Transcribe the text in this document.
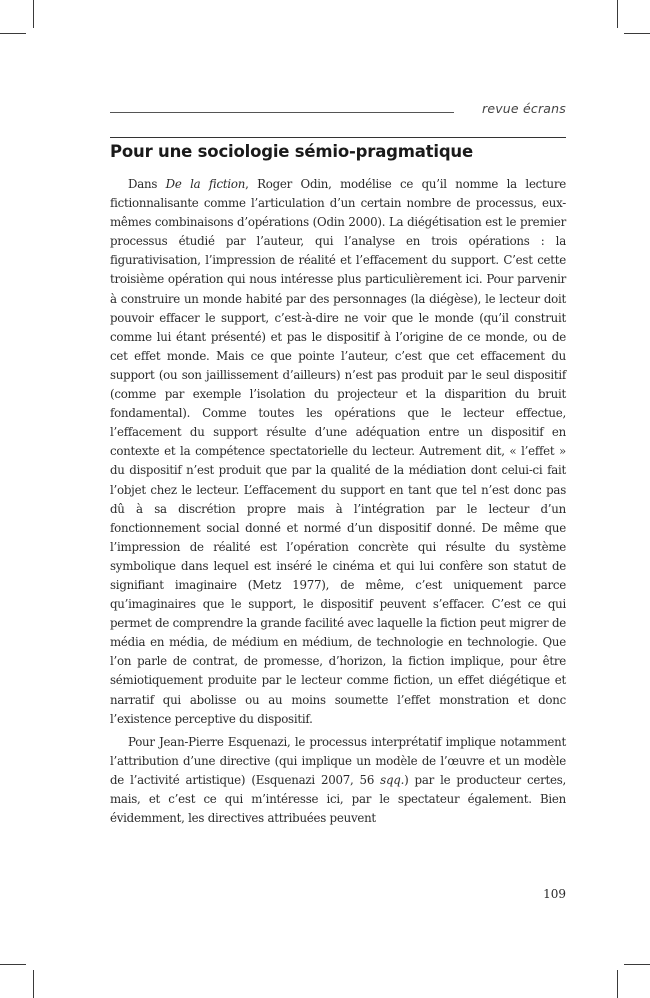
revue écrans
Pour une sociologie sémio-pragmatique

Dans De la fiction, Roger Odin, modélise ce qu’il nomme la lecture fictionnalisante comme l’articulation d’un certain nombre de processus, eux-mêmes combinaisons d’opérations (Odin 2000). La diégétisation est le premier processus étudié par l’auteur, qui l’analyse en trois opérations : la figurativisation, l’impression de réalité et l’effacement du support. C’est cette troisième opération qui nous intéresse plus particulièrement ici. Pour parvenir à construire un monde habité par des personnages (la diégèse), le lecteur doit pouvoir effacer le support, c’est-à-dire ne voir que le monde (qu’il construit comme lui étant présenté) et pas le dispositif à l’origine de ce monde, ou de cet effet monde. Mais ce que pointe l’auteur, c’est que cet effacement du support (ou son jaillissement d’ailleurs) n’est pas produit par le seul dispositif (comme par exemple l’isolation du projecteur et la disparition du bruit fondamental). Comme toutes les opérations que le lecteur effectue, l’effacement du support résulte d’une adéquation entre un dispositif en contexte et la compétence spectatorielle du lecteur. Autrement dit, « l’effet » du dispositif n’est produit que par la qualité de la médiation dont celui-ci fait l’objet chez le lecteur. L’effacement du support en tant que tel n’est donc pas dû à sa discrétion propre mais à l’intégration par le lecteur d’un fonctionnement social donné et normé d’un dispositif donné. De même que l’impression de réalité est l’opération concrète qui résulte du système symbolique dans lequel est inséré le cinéma et qui lui confère son statut de signifiant imaginaire (Metz 1977), de même, c’est uniquement parce qu’imaginaires que le support, le dispositif peuvent s’effacer. C’est ce qui permet de comprendre la grande facilité avec laquelle la fiction peut migrer de média en média, de médium en médium, de technologie en technologie. Que l’on parle de contrat, de promesse, d’horizon, la fiction implique, pour être sémiotiquement produite par le lecteur comme fiction, un effet diégétique et narratif qui abolisse ou au moins soumette l’effet monstration et donc l’existence perceptive du dispositif.

Pour Jean-Pierre Esquenazi, le processus interprétatif implique notamment l’attribution d’une directive (qui implique un modèle de l’œuvre et un modèle de l’activité artistique) (Esquenazi 2007, 56 sqq.) par le producteur certes, mais, et c’est ce qui m’intéresse ici, par le spectateur également. Bien évidemment, les directives attribuées peuvent

109
